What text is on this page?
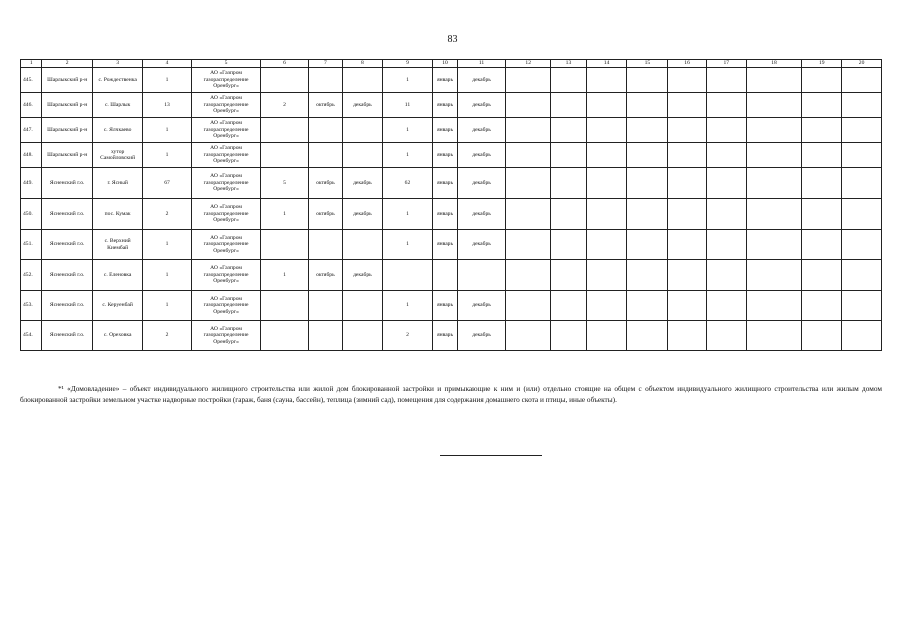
83
1	2	3	4	5	6	7	8	9	10	11	12	13	14	15	16	17	18	19	20
445.	Шарлыкский р-н	с. Рождественка	1	АО «Газпром газораспределение Оренбург»				1	январь	декабрь									
446.	Шарлыкский р-н	с. Шарлык	13	АО «Газпром газораспределение Оренбург»	2	октябрь	декабрь	11	январь	декабрь									
447.	Шарлыкский р-н	с. Ялчкаево	1	АО «Газпром газораспределение Оренбург»				1	январь	декабрь									
448.	Шарлыкский р-н	хутор Самойловский	1	АО «Газпром газораспределение Оренбург»				1	январь	декабрь									
449.	Ясненский г.о.	г. Ясный	67	АО «Газпром газораспределение Оренбург»	5	октябрь	декабрь	62	январь	декабрь									
450.	Ясненский г.о.	пос. Кумак	2	АО «Газпром газораспределение Оренбург»	1	октябрь	декабрь	1	январь	декабрь									
451.	Ясненский г.о.	с. Верхний Киембай	1	АО «Газпром газораспределение Оренбург»				1	январь	декабрь									
452.	Ясненский г.о.	с. Еленовка	1	АО «Газпром газораспределение Оренбург»	1	октябрь	декабрь												
453.	Ясненский г.о.	с. Керуенбай	1	АО «Газпром газораспределение Оренбург»				1	январь	декабрь									
454.	Ясненский г.о.	с. Ореховка	2	АО «Газпром газораспределение Оренбург»				2	январь	декабрь									
*¹ «Домовладение» – объект индивидуального жилищного строительства или жилой дом блокированной застройки и примыкающие к ним и (или) отдельно стоящие на общем с объектом индивидуального жилищного строительства или жилым домом блокированной застройки земельном участке надворные постройки (гараж, баня (сауна, бассейн), теплица (зимний сад), помещения для содержания домашнего скота и птицы, иные объекты).
